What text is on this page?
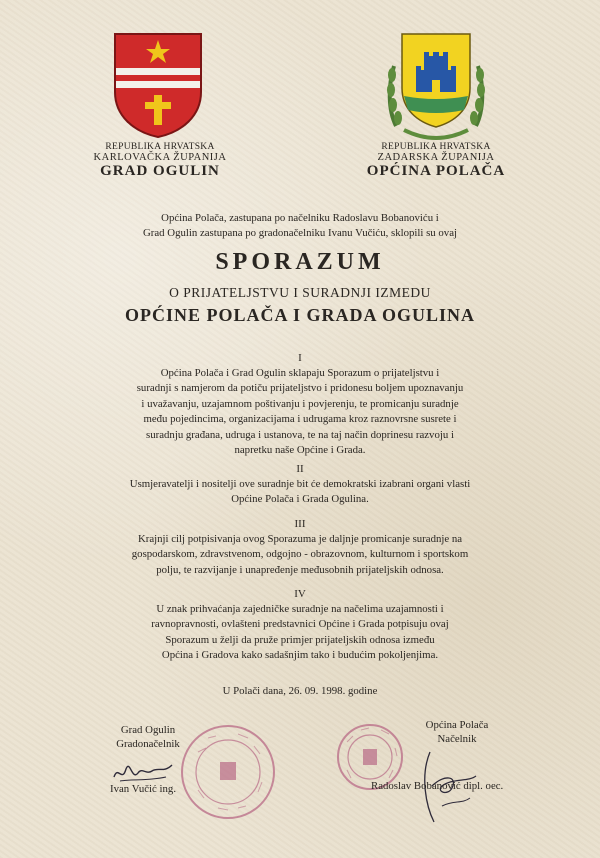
REPUBLIKA HRVATSKA
KARLOVAČKA ŽUPANIJA
GRAD OGULIN
REPUBLIKA HRVATSKA
ZADARSKA ŽUPANIJA
OPĆINA POLAČA
Općina Polača, zastupana po načelniku Radoslavu Bobanoviću i
Grad Ogulin zastupana po gradonačelniku Ivanu Vučiću, sklopili su ovaj
SPORAZUM
O PRIJATELJSTVU I SURADNJI IZMEDU
OPĆINE POLAČA I GRADA OGULINA
I
Općina Polača i Grad Ogulin sklapaju Sporazum o prijateljstvu i
suradnji s namjerom da potiču prijateljstvo i pridonesu boljem upoznavanju
i uvažavanju, uzajamnom poštivanju i povjerenju, te promicanju suradnje
među pojedincima, organizacijama i udrugama kroz raznovrsne susrete i
suradnju građana, udruga i ustanova, te na taj način doprinesu razvoju i
napretku naše Općine i Grada.
II
Usmjeravatelji i nositelji ove suradnje bit će demokratski izabrani organi vlasti
Općine Polača i Grada Ogulina.
III
Krajnji cilj potpisivanja ovog Sporazuma je daljnje promicanje suradnje na
gospodarskom, zdravstvenom, odgojno - obrazovnom, kulturnom i sportskom
polju, te razvijanje i unapređenje međusobnih prijateljskih odnosa.
IV
U znak prihvaćanja zajedničke suradnje na načelima uzajamnosti i
ravnopravnosti, ovlašteni predstavnici Općine i Grada potpisuju ovaj
Sporazum u želji da pruže primjer prijateljskih odnosa između
Općina i Gradova kako sadašnjim tako i budućim pokoljenjima.
U Polači dana, 26. 09. 1998. godine
Grad Ogulin
Gradonačelnik
Ivan Vučić ing.
Općina Polača
Načelnik
Radoslav Bobanović dipl. oec.
